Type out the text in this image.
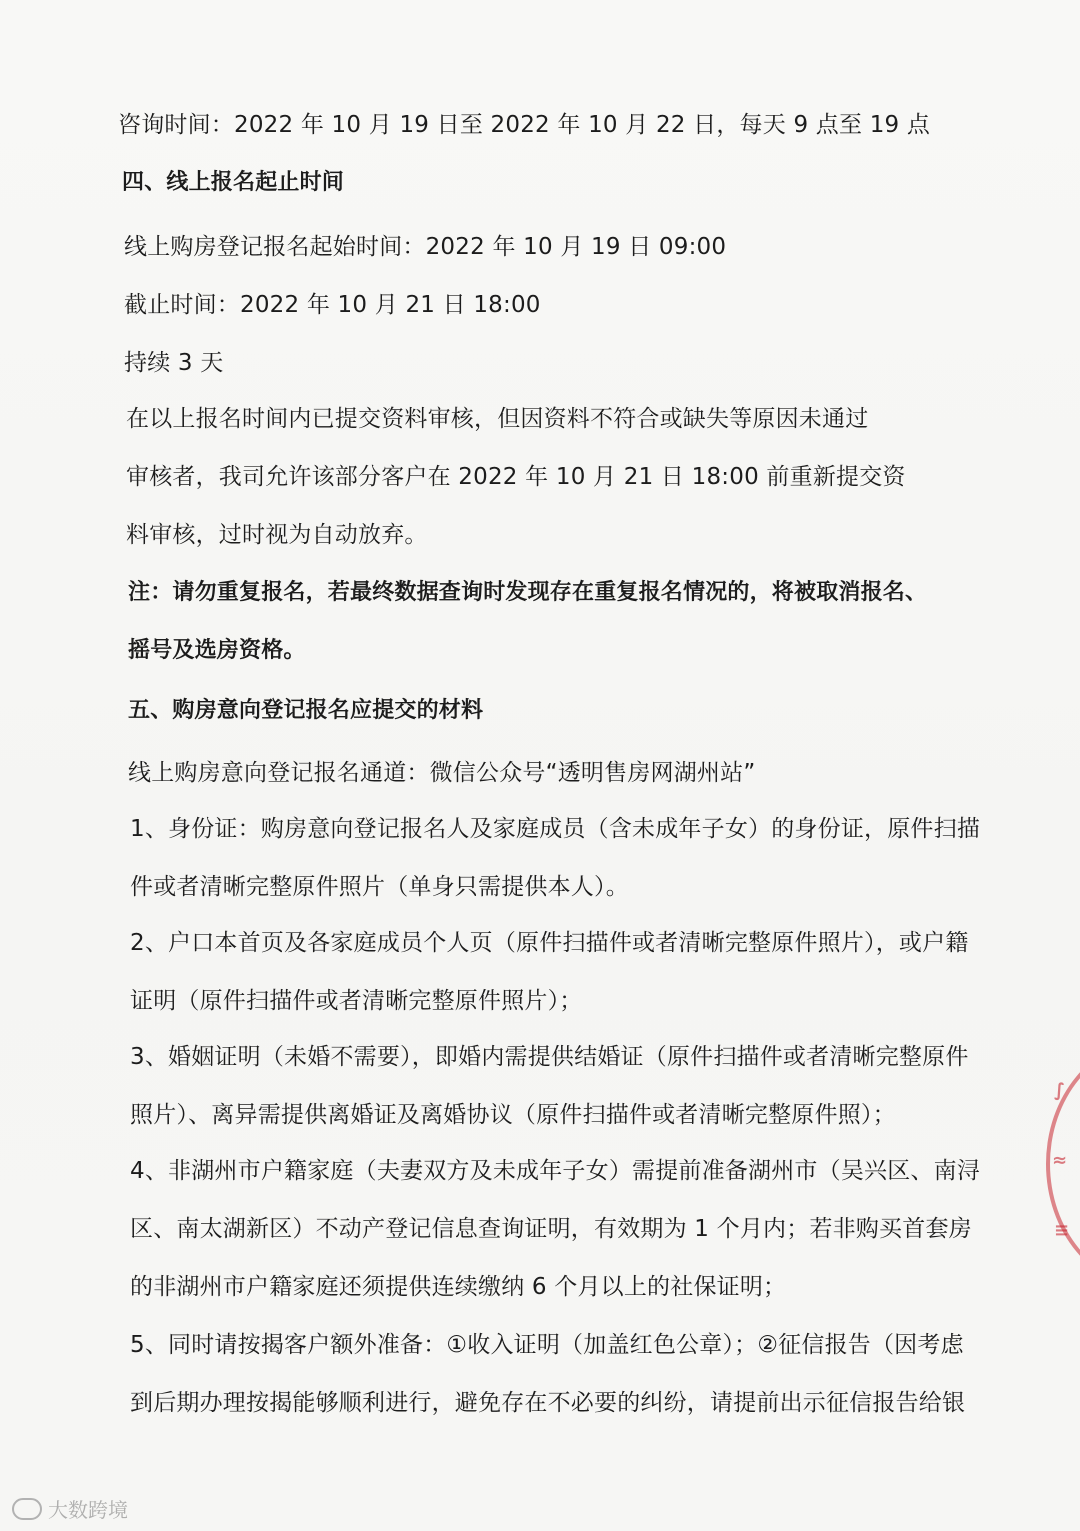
咨询时间：2022 年 10 月 19 日至 2022 年 10 月 22 日，每天 9 点至 19 点
四、线上报名起止时间
线上购房登记报名起始时间：2022 年 10 月 19 日 09:00
截止时间：2022 年 10 月 21 日 18:00
持续 3 天
在以上报名时间内已提交资料审核，但因资料不符合或缺失等原因未通过
审核者，我司允许该部分客户在 2022 年 10 月 21 日 18:00 前重新提交资
料审核，过时视为自动放弃。
注：请勿重复报名，若最终数据查询时发现存在重复报名情况的，将被取消报名、
摇号及选房资格。
五、购房意向登记报名应提交的材料
线上购房意向登记报名通道：微信公众号“透明售房网湖州站”
1、身份证：购房意向登记报名人及家庭成员（含未成年子女）的身份证，原件扫描
件或者清晰完整原件照片（单身只需提供本人）。
2、户口本首页及各家庭成员个人页（原件扫描件或者清晰完整原件照片），或户籍
证明（原件扫描件或者清晰完整原件照片）；
3、婚姻证明（未婚不需要），即婚内需提供结婚证（原件扫描件或者清晰完整原件
照片）、离异需提供离婚证及离婚协议（原件扫描件或者清晰完整原件照）；
4、非湖州市户籍家庭（夫妻双方及未成年子女）需提前准备湖州市（吴兴区、南浔
区、南太湖新区）不动产登记信息查询证明，有效期为 1 个月内；若非购买首套房
的非湖州市户籍家庭还须提供连续缴纳 6 个月以上的社保证明；
5、同时请按揭客户额外准备：①收入证明（加盖红色公章）；②征信报告（因考虑
到后期办理按揭能够顺利进行，避免存在不必要的纠纷，请提前出示征信报告给银
∫
≈
≡
大数跨境
